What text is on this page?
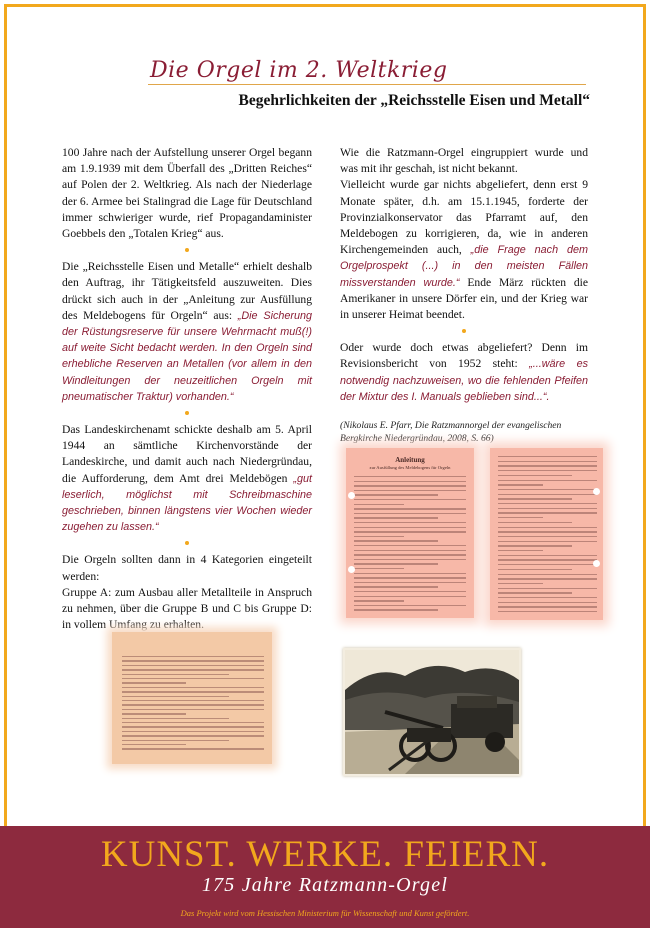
Die Orgel im 2. Weltkrieg
Begehrlichkeiten der „Reichsstelle Eisen und Metall“

100 Jahre nach der Aufstellung unserer Orgel begann am 1.9.1939 mit dem Überfall des „Dritten Reiches“ auf Polen der 2. Weltkrieg. Als nach der Niederlage der 6. Armee bei Stalingrad die Lage für Deutschland immer schwieriger wurde, rief Propagandaminister Goebbels den „Totalen Krieg“ aus.

Die „Reichsstelle Eisen und Metalle“ erhielt deshalb den Auftrag, ihr Tätigkeitsfeld auszuweiten. Dies drückt sich auch in der „Anleitung zur Ausfüllung des Meldebogens für Orgeln“ aus: „Die Sicherung der Rüstungsreserve für unsere Wehrmacht muß(!) auf weite Sicht bedacht werden. In den Orgeln sind erhebliche Reserven an Metallen (vor allem in den Windleitungen der neuzeitlichen Orgeln mit pneumatischer Traktur) vorhanden.“

Das Landeskirchenamt schickte deshalb am 5. April 1944 an sämtliche Kirchenvorstände der Landeskirche, und damit auch nach Niedergründau, die Aufforderung, dem Amt drei Meldebögen „gut leserlich, möglichst mit Schreibmaschine geschrieben, binnen längstens vier Wochen wieder zugehen zu lassen.“

Die Orgeln sollten dann in 4 Kategorien eingeteilt werden:

Gruppe A: zum Ausbau aller Metallteile in Anspruch zu nehmen, über die Gruppe B und C bis Gruppe D: in vollem Umfang zu erhalten.

Wie die Ratzmann-Orgel eingruppiert wurde und was mit ihr geschah, ist nicht bekannt.

Vielleicht wurde gar nichts abgeliefert, denn erst 9 Monate später, d.h. am 15.1.1945, forderte der Provinzialkonservator das Pfarramt auf, den Meldebogen zu korrigieren, da, wie in anderen Kirchengemeinden auch, „die Frage nach dem Orgelprospekt (...) in den meisten Fällen missverstanden wurde.“ Ende März rückten die Amerikaner in unsere Dörfer ein, und der Krieg war in unserer Heimat beendet.

Oder wurde doch etwas abgeliefert? Denn im Revisionsbericht von 1952 steht: „...wäre es notwendig nachzuweisen, wo die fehlenden Pfeifen der Mixtur des I. Manuals geblieben sind...“.

(Nikolaus E. Pfarr, Die Ratzmannorgel der evangelischen Bergkirche Niedergründau, 2008, S. 66)

Anleitung
zur Ausfüllung des Meldebogens für Orgeln
KUNST. WERKE. FEIERN.
175 Jahre Ratzmann-Orgel
Das Projekt wird vom Hessischen Ministerium für Wissenschaft und Kunst gefördert.
